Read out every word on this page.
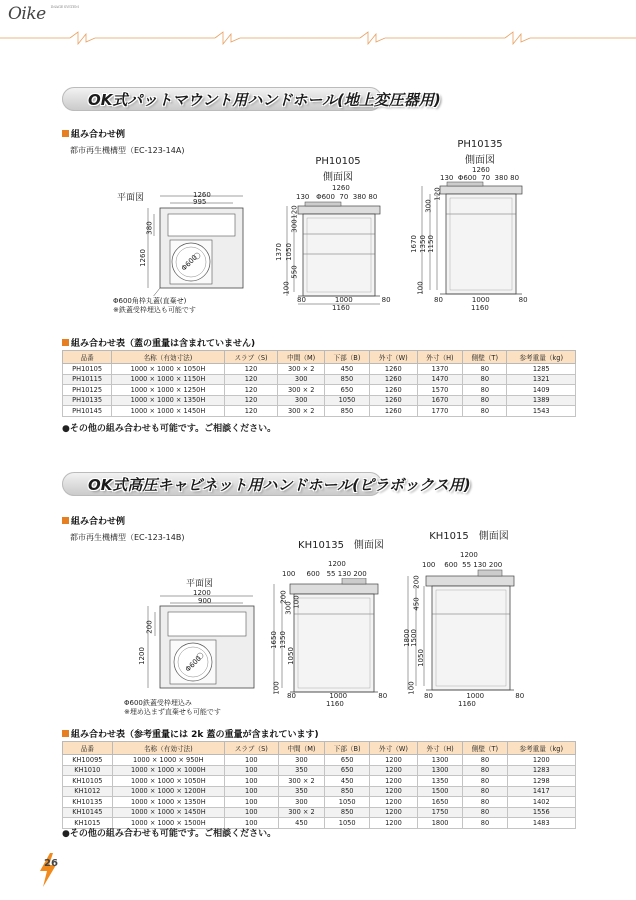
Oike $^{IMAGE SYSTEM}$
OK式パットマウント用ハンドホール(地上変圧器用)
組み合わせ例
都市再生機構型（EC-123-14A)
平面図	1260
995
380
1260	Φ600
Φ600角枠丸蓋(直棄せ)
※鉄蓋受枠埋込も可能です
PH10105
側面図
1260
130 Φ600 70 380 80
1370 1050
300
120
550
100
80	1000	80
1160
PH10135
側面図
1260
130 Φ600 70 380 80
1670 1350 1150
300
120
100
80	1000	80
1160
組み合わせ表（蓋の重量は含まれていません)
品番	名称（有効寸法)	スラブ（S)	中間（M)	下部（B)	外寸（W)	外寸（H)	側壁（T)	参考重量（kg)
PH10105	1000 × 1000 × 1050H	120	300 × 2	450	1260	1370	80	1285
PH10115	1000 × 1000 × 1150H	120	300	850	1260	1470	80	1321
PH10125	1000 × 1000 × 1250H	120	300 × 2	650	1260	1570	80	1409
PH10135	1000 × 1000 × 1350H	120	300	1050	1260	1670	80	1389
PH10145	1000 × 1000 × 1450H	120	300 × 2	850	1260	1770	80	1543
●その他の組み合わせも可能です。ご相談ください。
OK式高圧キャビネット用ハンドホール(ピラボックス用)
組み合わせ例
都市再生機構型（EC-123-14B)
平面図
1200
900
200
1200	Φ600
Φ600鉄蓋受枠埋込み
※埋め込まず直棄せも可能です
KH10135　側面図
1200
100 600 55 130 200
1650 1350
1050
200
300 100
100
80	1000	80
1160
KH1015　側面図
1200
100 600 55 130 200
200
450
1800 1500
1050
100
80	1000	80
1160
組み合わせ表（参考重量には 2k 蓋の重量が含まれています)
品番	名称（有効寸法)	スラブ（S)	中間（M)	下部（B)	外寸（W)	外寸（H)	側壁（T)	参考重量（kg)
KH10095	1000 × 1000 × 950H	100	300	650	1200	1300	80	1200
KH1010	1000 × 1000 × 1000H	100	350	650	1200	1300	80	1283
KH10105	1000 × 1000 × 1050H	100	300 × 2	450	1200	1350	80	1298
KH1012	1000 × 1000 × 1200H	100	350	850	1200	1500	80	1417
KH10135	1000 × 1000 × 1350H	100	300	1050	1200	1650	80	1402
KH10145	1000 × 1000 × 1450H	100	300 × 2	850	1200	1750	80	1556
KH1015	1000 × 1000 × 1500H	100	450	1050	1200	1800	80	1483
●その他の組み合わせも可能です。ご相談ください。
26
